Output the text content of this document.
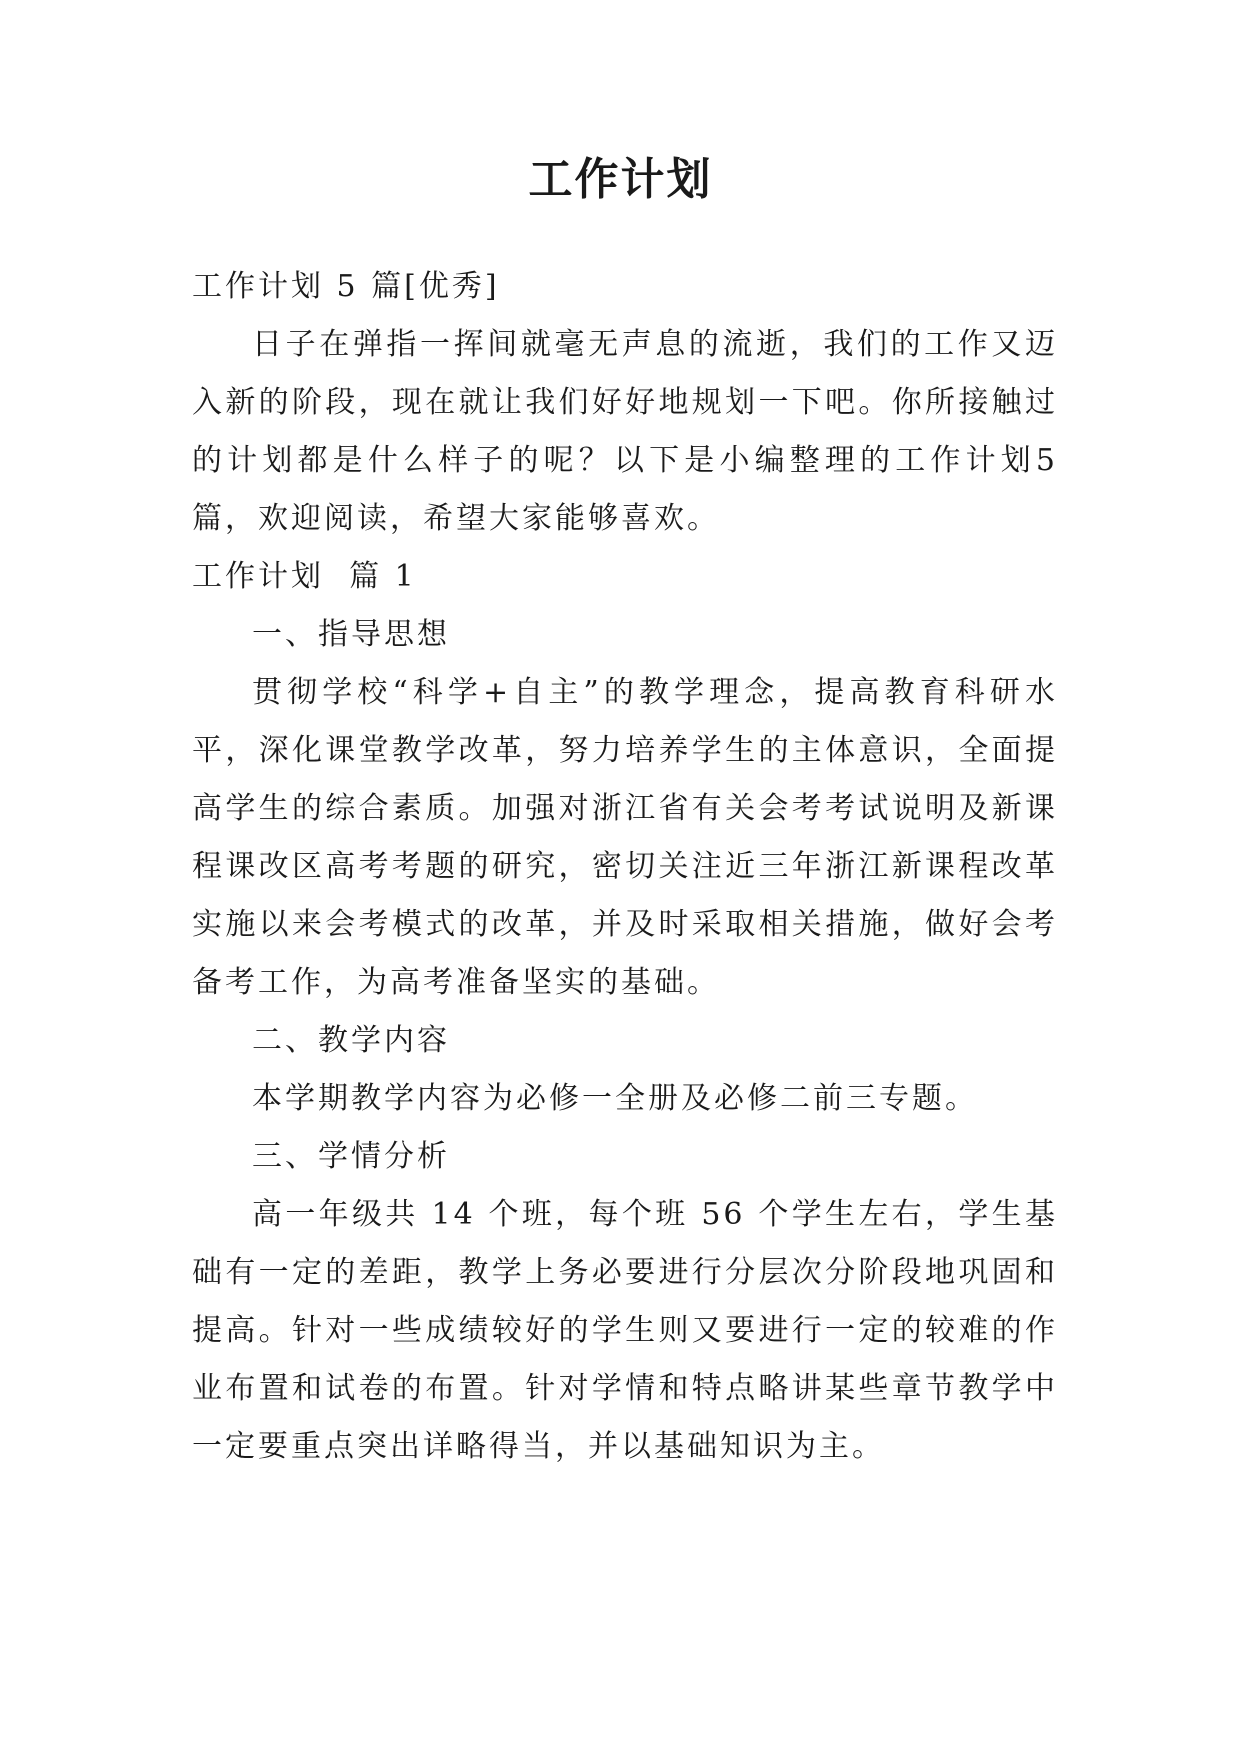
工作计划

工作计划 5 篇[优秀]

日子在弹指一挥间就毫无声息的流逝，我们的工作又迈入新的阶段，现在就让我们好好地规划一下吧。你所接触过的计划都是什么样子的呢？以下是小编整理的工作计划5篇，欢迎阅读，希望大家能够喜欢。

工作计划  篇 1

一、指导思想

贯彻学校“科学+自主”的教学理念，提高教育科研水平，深化课堂教学改革，努力培养学生的主体意识，全面提高学生的综合素质。加强对浙江省有关会考考试说明及新课程课改区高考考题的研究，密切关注近三年浙江新课程改革实施以来会考模式的改革，并及时采取相关措施，做好会考备考工作，为高考准备坚实的基础。

二、教学内容

本学期教学内容为必修一全册及必修二前三专题。

三、学情分析

高一年级共 14 个班，每个班 56 个学生左右，学生基础有一定的差距，教学上务必要进行分层次分阶段地巩固和提高。针对一些成绩较好的学生则又要进行一定的较难的作业布置和试卷的布置。针对学情和特点略讲某些章节教学中一定要重点突出详略得当，并以基础知识为主。
